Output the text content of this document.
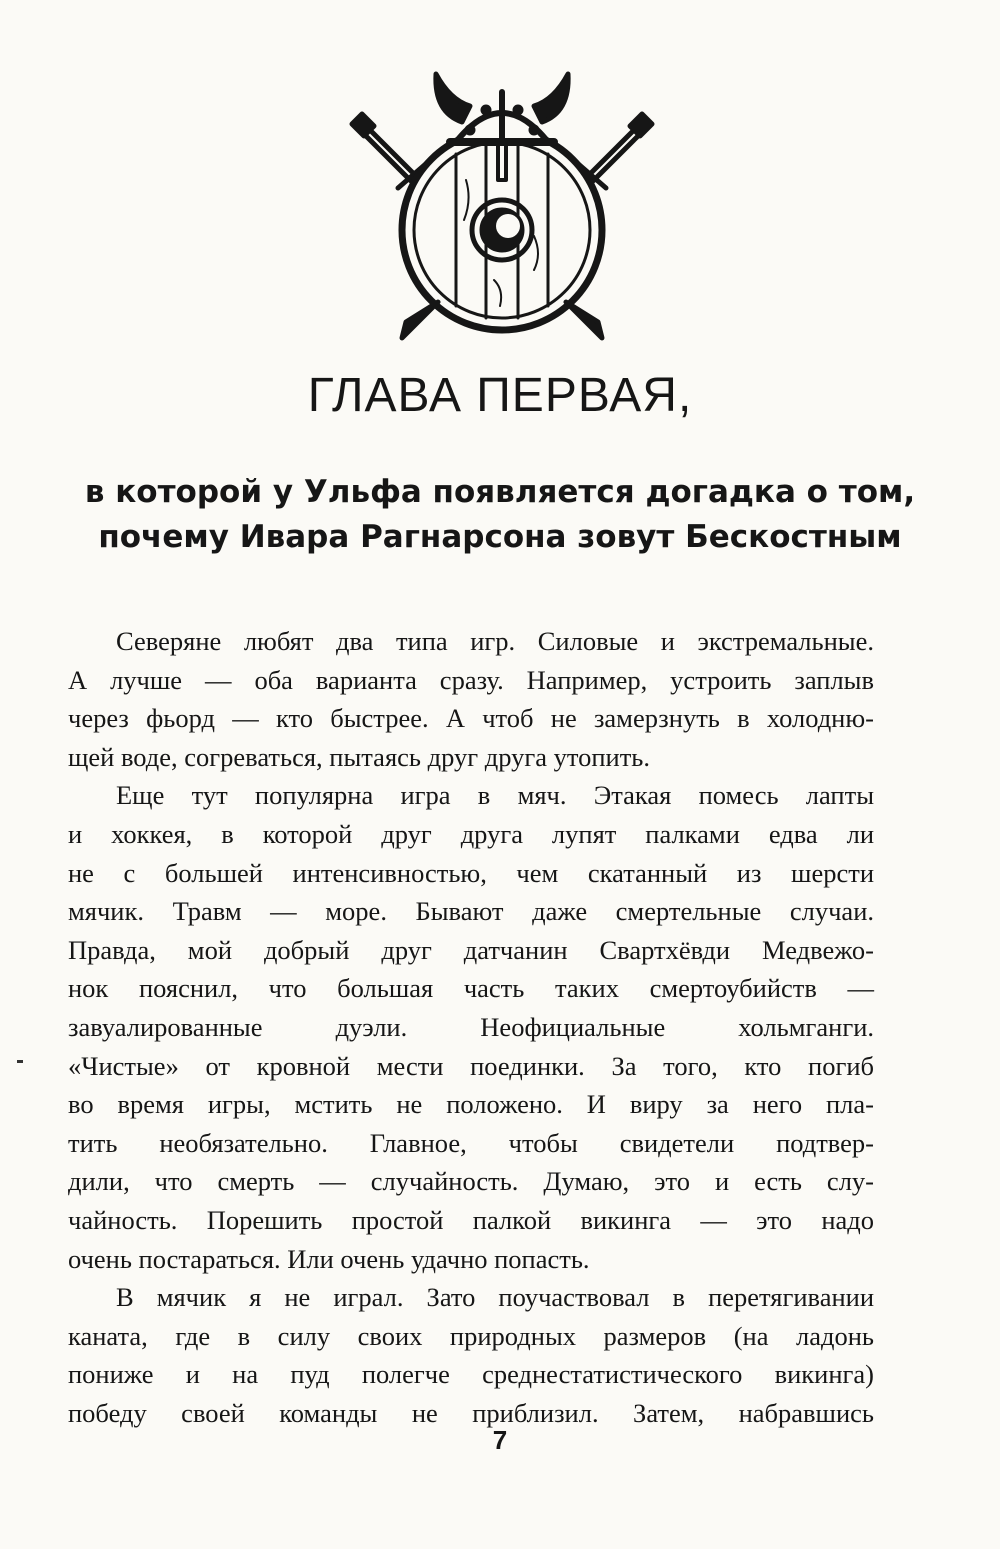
ГЛАВА ПЕРВАЯ,
в которой у Ульфа появляется догадка о том,
почему Ивара Рагнарсона зовут Бескостным

Северяне любят два типа игр. Силовые и экстремальные.
А лучше — оба варианта сразу. Например, устроить заплыв
через фьорд — кто быстрее. А чтоб не замерзнуть в холодню-
щей воде, согреваться, пытаясь друг друга утопить.

Еще тут популярна игра в мяч. Этакая помесь лапты
и хоккея, в которой друг друга лупят палками едва ли
не с большей интенсивностью, чем скатанный из шерсти
мячик. Травм — море. Бывают даже смертельные случаи.
Правда, мой добрый друг датчанин Свартхёвди Медвежо-
нок пояснил, что большая часть таких смертоубийств —
завуалированные дуэли. Неофициальные хольмганги.
«Чистые» от кровной мести поединки. За того, кто погиб
во время игры, мстить не положено. И виру за него пла-
тить необязательно. Главное, чтобы свидетели подтвер-
дили, что смерть — случайность. Думаю, это и есть слу-
чайность. Порешить простой палкой викинга — это надо
очень постараться. Или очень удачно попасть.

В мячик я не играл. Зато поучаствовал в перетягивании
каната, где в силу своих природных размеров (на ладонь
пониже и на пуд полегче среднестатистического викинга)
победу своей команды не приблизил. Затем, набравшись

7
